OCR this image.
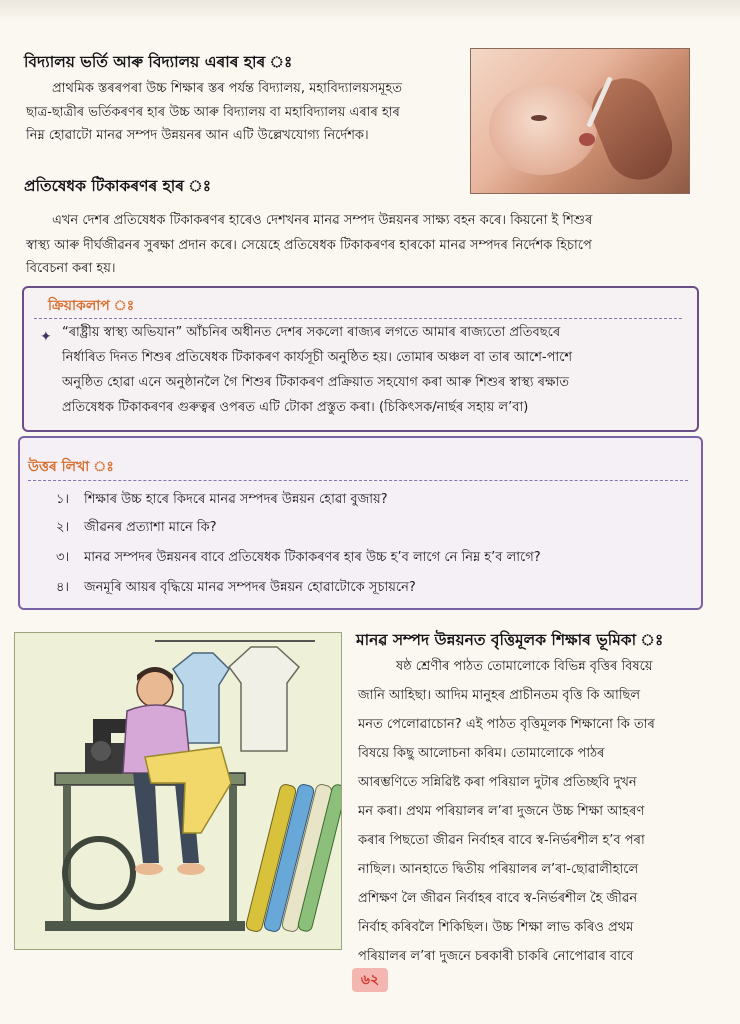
বিদ্যালয় ভৰ্তি আৰু বিদ্যালয় এৰাৰ হাৰ ঃ

প্ৰাথমিক স্তৰৰপৰা উচ্চ শিক্ষাৰ স্তৰ পৰ্যন্ত বিদ্যালয়, মহাবিদ্যালয়সমূহত

ছাত্ৰ-ছাত্ৰীৰ ভৰ্তিকৰণৰ হাৰ উচ্চ আৰু বিদ্যালয় বা মহাবিদ্যালয় এৰাৰ হাৰ

নিম্ন হোৱাটো মানৱ সম্পদ উন্নয়নৰ আন এটি উল্লেখযোগ্য নিৰ্দেশক।

প্ৰতিষেধক টিকাকৰণৰ হাৰ ঃ

এখন দেশৰ প্ৰতিষেধক টিকাকৰণৰ হাৰেও দেশখনৰ মানৱ সম্পদ উন্নয়নৰ সাক্ষ্য বহন কৰে। কিয়নো ই শিশুৰ

স্বাস্থ্য আৰু দীৰ্ঘজীৱনৰ সুৰক্ষা প্ৰদান কৰে। সেয়েহে প্ৰতিষেধক টিকাকৰণৰ হাৰকো মানৱ সম্পদৰ নিৰ্দেশক হিচাপে

বিবেচনা কৰা হয়।

ক্ৰিয়াকলাপ ঃ
✦ “ৰাষ্ট্ৰীয় স্বাস্থ্য অভিযান” আঁচনিৰ অধীনত দেশৰ সকলো ৰাজ্যৰ লগতে আমাৰ ৰাজ্যতো প্ৰতিবছৰে
নিৰ্ধাৰিত দিনত শিশুৰ প্ৰতিষেধক টিকাকৰণ কাৰ্যসূচী অনুষ্ঠিত হয়। তোমাৰ অঞ্চল বা তাৰ আশে-পাশে
অনুষ্ঠিত হোৱা এনে অনুষ্ঠানলৈ গৈ শিশুৰ টিকাকৰণ প্ৰক্ৰিয়াত সহযোগ কৰা আৰু শিশুৰ স্বাস্থ্য ৰক্ষাত
প্ৰতিষেধক টিকাকৰণৰ গুৰুত্বৰ ওপৰত এটি টোকা প্ৰস্তুত কৰা। (চিকিৎসক/নাৰ্ছৰ সহায় ল’বা)
উত্তৰ লিখা ঃ
১। শিক্ষাৰ উচ্চ হাৰে কিদৰে মানৱ সম্পদৰ উন্নয়ন হোৱা বুজায়?
২। জীৱনৰ প্ৰত্যাশা মানে কি?
৩। মানৱ সম্পদৰ উন্নয়নৰ বাবে প্ৰতিষেধক টিকাকৰণৰ হাৰ উচ্চ হ’ব লাগে নে নিম্ন হ’ব লাগে?
৪। জনমূৰি আয়ৰ বৃদ্ধিয়ে মানৱ সম্পদৰ উন্নয়ন হোৱাটোকে সূচায়নে?
মানৱ সম্পদ উন্নয়নত বৃত্তিমূলক শিক্ষাৰ ভূমিকা ঃ
ষষ্ঠ শ্ৰেণীৰ পাঠত তোমালোকে বিভিন্ন বৃত্তিৰ বিষয়ে
জানি আহিছা। আদিম মানুহৰ প্ৰাচীনতম বৃত্তি কি আছিল
মনত পেলোৱাচোন? এই পাঠত বৃত্তিমূলক শিক্ষানো কি তাৰ
বিষয়ে কিছু আলোচনা কৰিম। তোমালোকে পাঠৰ
আৰম্ভণিতে সন্নিৱিষ্ট কৰা পৰিয়াল দুটাৰ প্ৰতিচ্ছবি দুখন
মন কৰা। প্ৰথম পৰিয়ালৰ ল’ৰা দুজনে উচ্চ শিক্ষা আহৰণ
কৰাৰ পিছতো জীৱন নিৰ্বাহৰ বাবে স্ব-নিৰ্ভৰশীল হ’ব পৰা
নাছিল। আনহাতে দ্বিতীয় পৰিয়ালৰ ল’ৰা-ছোৱালীহালে
প্ৰশিক্ষণ লৈ জীৱন নিৰ্বাহৰ বাবে স্ব-নিৰ্ভৰশীল হৈ জীৱন
নিৰ্বাহ কৰিবলৈ শিকিছিল। উচ্চ শিক্ষা লাভ কৰিও প্ৰথম
পৰিয়ালৰ ল’ৰা দুজনে চৰকাৰী চাকৰি নোপোৱাৰ বাবে
৬২
